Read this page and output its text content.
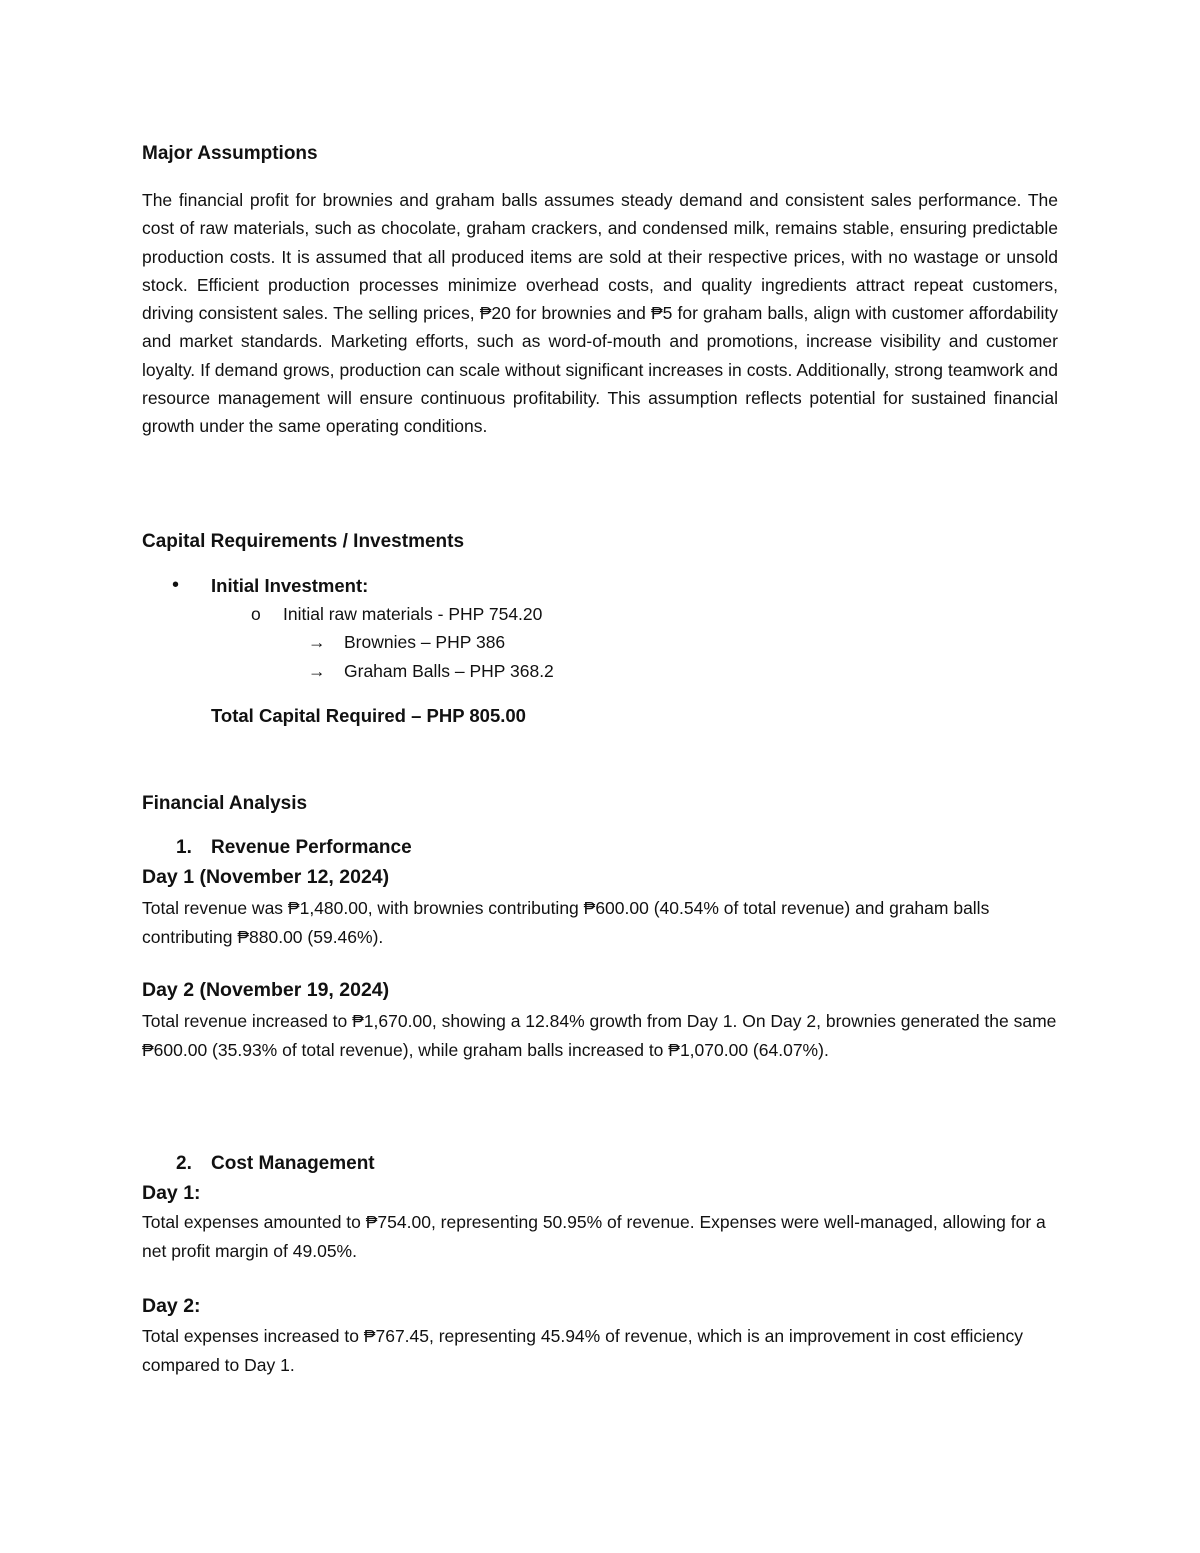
Major Assumptions

The financial profit for brownies and graham balls assumes steady demand and consistent sales performance. The cost of raw materials, such as chocolate, graham crackers, and condensed milk, remains stable, ensuring predictable production costs. It is assumed that all produced items are sold at their respective prices, with no wastage or unsold stock. Efficient production processes minimize overhead costs, and quality ingredients attract repeat customers, driving consistent sales. The selling prices, ₱20 for brownies and ₱5 for graham balls, align with customer affordability and market standards. Marketing efforts, such as word-of-mouth and promotions, increase visibility and customer loyalty. If demand grows, production can scale without significant increases in costs. Additionally, strong teamwork and resource management will ensure continuous profitability. This assumption reflects potential for sustained financial growth under the same operating conditions.

Capital Requirements / Investments
• Initial Investment:
o Initial raw materials - PHP 754.20
→ Brownies – PHP 386
→ Graham Balls – PHP 368.2
Total Capital Required – PHP 805.00
Financial Analysis
1. Revenue Performance
Day 1 (November 12, 2024)

Total revenue was ₱1,480.00, with brownies contributing ₱600.00 (40.54% of total revenue) and graham balls contributing ₱880.00 (59.46%).

Day 2 (November 19, 2024)

Total revenue increased to ₱1,670.00, showing a 12.84% growth from Day 1. On Day 2, brownies generated the same ₱600.00 (35.93% of total revenue), while graham balls increased to ₱1,070.00 (64.07%).

2. Cost Management
Day 1:

Total expenses amounted to ₱754.00, representing 50.95% of revenue. Expenses were well-managed, allowing for a net profit margin of 49.05%.

Day 2:

Total expenses increased to ₱767.45, representing 45.94% of revenue, which is an improvement in cost efficiency compared to Day 1.
